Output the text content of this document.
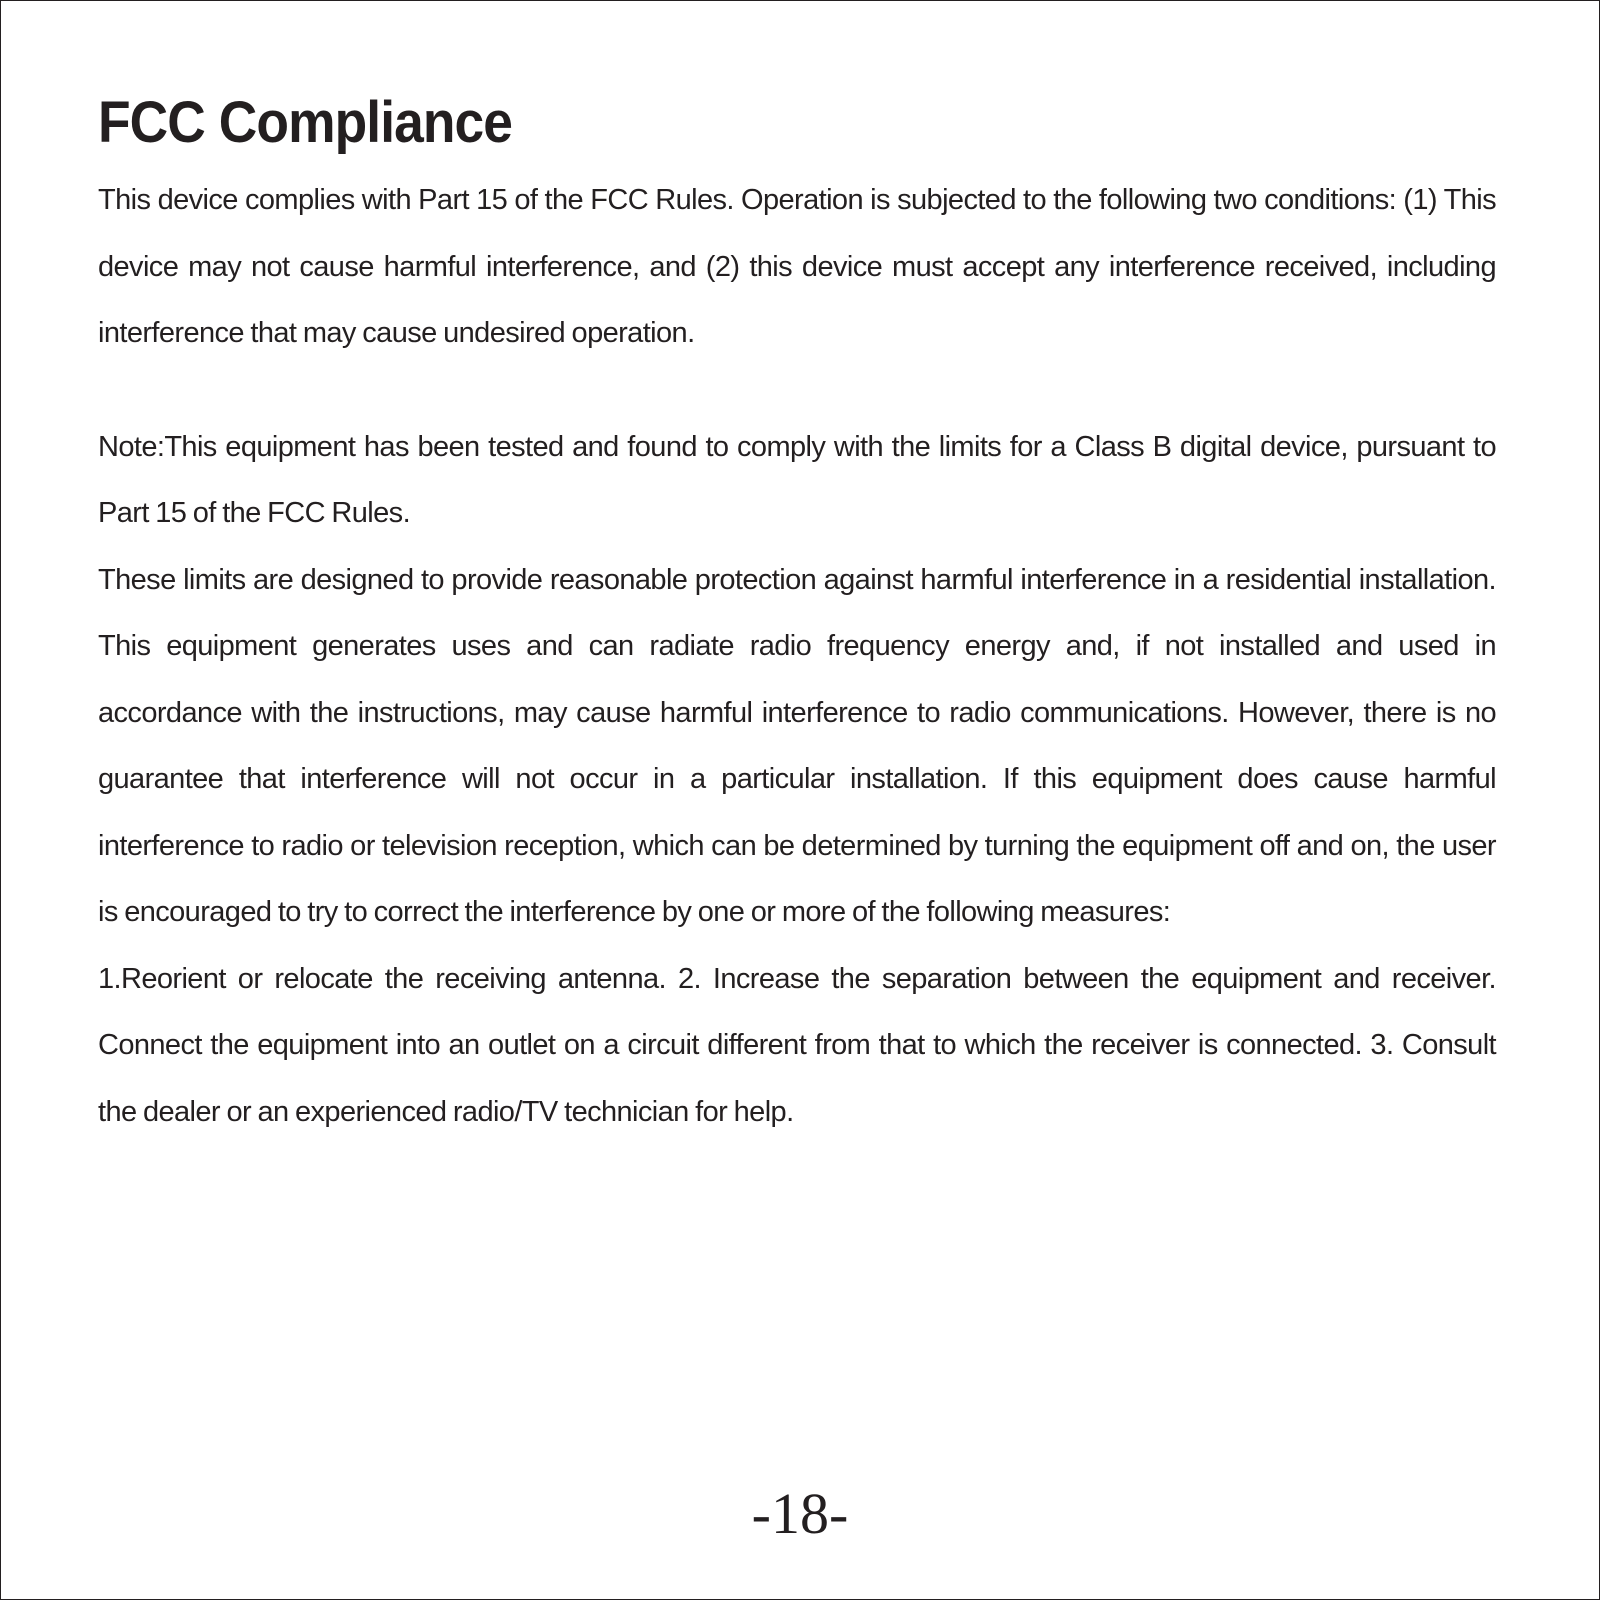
FCC Compliance

This device complies with Part 15 of the FCC Rules. Operation is subjected to the following two conditions: (1) This device may not cause harmful interference, and (2) this device must accept any interference received, including interference that may cause undesired operation.

Note:This equipment has been tested and found to comply with the limits for a Class B digital device, pursuant to Part 15 of the FCC Rules.

These limits are designed to provide reasonable protection against harmful interference in a residential installation. This equipment generates uses and can radiate radio frequency energy and, if not installed and used in accordance with the instructions, may cause harmful interference to radio communications. However, there is no guarantee that interference will not occur in a particular installation. If this equipment does cause harmful interference to radio or television reception, which can be determined by turning the equipment off and on, the user is encouraged to try to correct the interference by one or more of the following measures:

1.Reorient or relocate the receiving antenna. 2. Increase the separation between the equipment and receiver. Connect the equipment into an outlet on a circuit different from that to which the receiver is connected. 3. Consult the dealer or an experienced radio/TV technician for help.

-18-
